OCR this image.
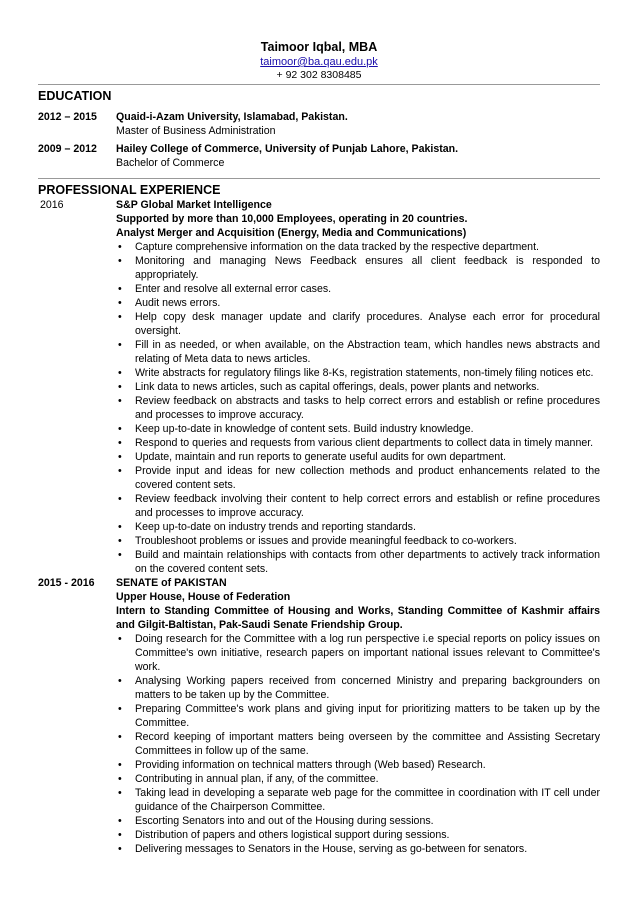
Taimoor Iqbal, MBA
taimoor@ba.qau.edu.pk
+ 92 302 8308485
EDUCATION
2012 – 2015 Quaid-i-Azam University, Islamabad, Pakistan.
Master of Business Administration
2009 – 2012 Hailey College of Commerce, University of Punjab Lahore, Pakistan.
Bachelor of Commerce
PROFESSIONAL EXPERIENCE
2016	S&P Global Market Intelligence
Supported by more than 10,000 Employees, operating in 20 countries.
Analyst Merger and Acquisition (Energy, Media and Communications)
• Capture comprehensive information on the data tracked by the respective department.
• Monitoring and managing News Feedback ensures all client feedback is responded to appropriately.
• Enter and resolve all external error cases.
• Audit news errors.
• Help copy desk manager update and clarify procedures. Analyse each error for procedural oversight.
• Fill in as needed, or when available, on the Abstraction team, which handles news abstracts and relating of Meta data to news articles.
• Write abstracts for regulatory filings like 8-Ks, registration statements, non-timely filing notices etc.
• Link data to news articles, such as capital offerings, deals, power plants and networks.
• Review feedback on abstracts and tasks to help correct errors and establish or refine procedures and processes to improve accuracy.
• Keep up-to-date in knowledge of content sets. Build industry knowledge.
• Respond to queries and requests from various client departments to collect data in timely manner.
• Update, maintain and run reports to generate useful audits for own department.
• Provide input and ideas for new collection methods and product enhancements related to the covered content sets.
• Review feedback involving their content to help correct errors and establish or refine procedures and processes to improve accuracy.
• Keep up-to-date on industry trends and reporting standards.
• Troubleshoot problems or issues and provide meaningful feedback to co-workers.
• Build and maintain relationships with contacts from other departments to actively track information on the covered content sets.
2015 - 2016 SENATE of PAKISTAN
Upper House, House of Federation
Intern to Standing Committee of Housing and Works, Standing Committee of Kashmir affairs and Gilgit-Baltistan, Pak-Saudi Senate Friendship Group.
• Doing research for the Committee with a log run perspective i.e special reports on policy issues on Committee's own initiative, research papers on important national issues relevant to Committee's work.
• Analysing Working papers received from concerned Ministry and preparing backgrounders on matters to be taken up by the Committee.
• Preparing Committee's work plans and giving input for prioritizing matters to be taken up by the Committee.
• Record keeping of important matters being overseen by the committee and Assisting Secretary Committees in follow up of the same.
• Providing information on technical matters through (Web based) Research.
• Contributing in annual plan, if any, of the committee.
• Taking lead in developing a separate web page for the committee in coordination with IT cell under guidance of the Chairperson Committee.
• Escorting Senators into and out of the Housing during sessions.
• Distribution of papers and others logistical support during sessions.
• Delivering messages to Senators in the House, serving as go-between for senators.
